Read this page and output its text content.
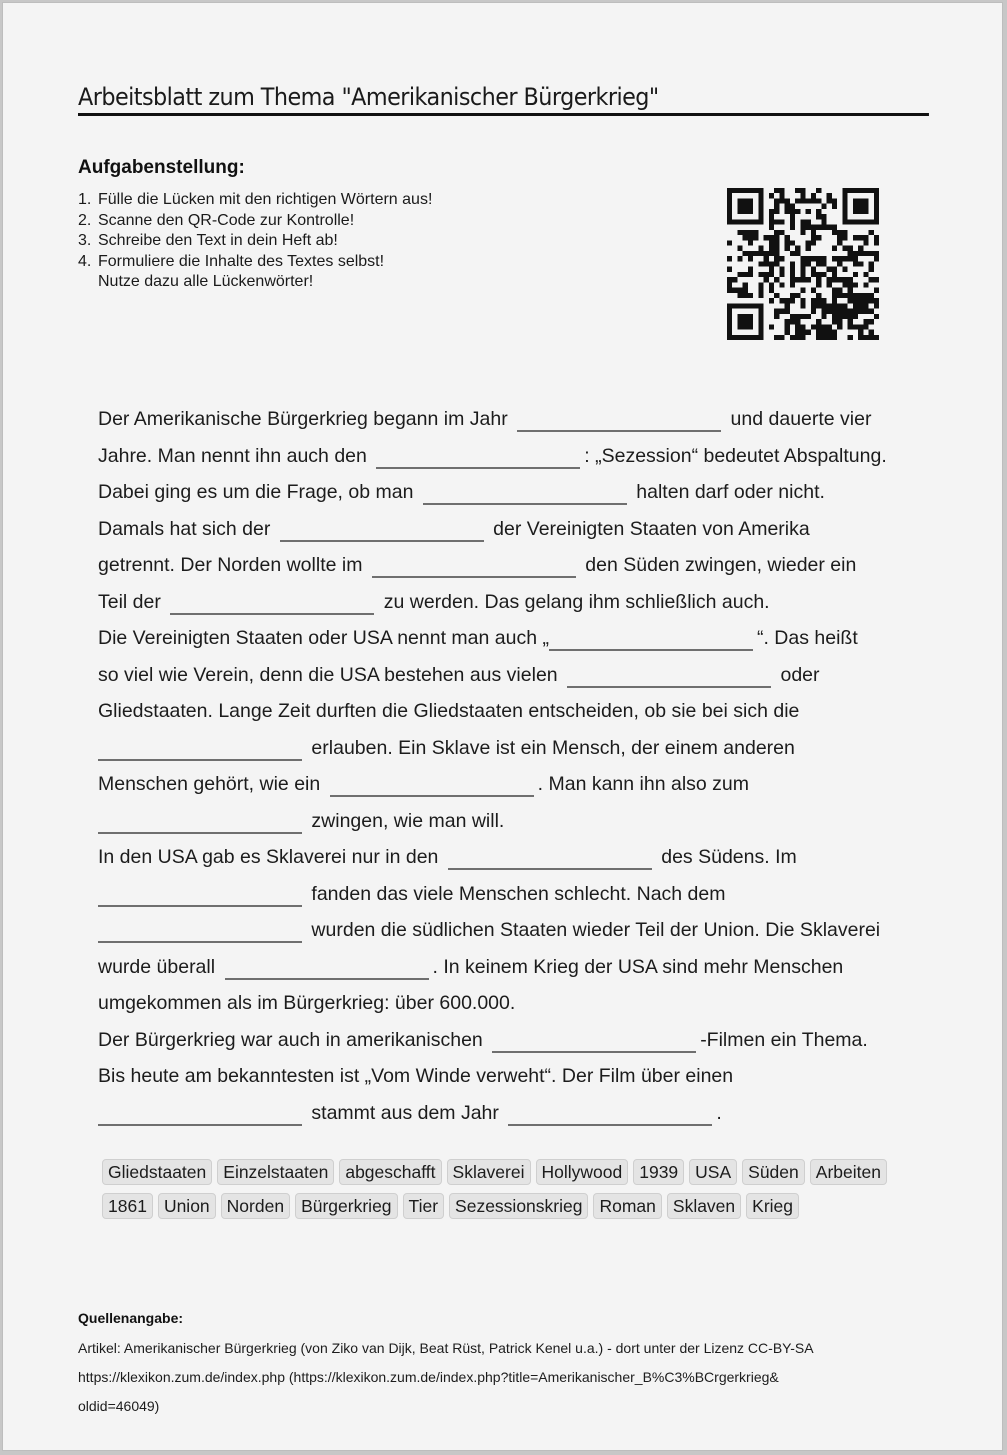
Arbeitsblatt zum Thema "Amerikanischer Bürgerkrieg"
Aufgabenstellung:
1. Fülle die Lücken mit den richtigen Wörtern aus!
2. Scanne den QR-Code zur Kontrolle!
3. Schreibe den Text in dein Heft ab!
4. Formuliere die Inhalte des Textes selbst!
Nutze dazu alle Lückenwörter!
Der Amerikanische Bürgerkrieg begann im Jahr	und dauerte vier
Jahre. Man nennt ihn auch den	: „Sezession“ bedeutet Abspaltung.
Dabei ging es um die Frage, ob man	halten darf oder nicht.
Damals hat sich der	der Vereinigten Staaten von Amerika
getrennt. Der Norden wollte im	den Süden zwingen, wieder ein
Teil der	zu werden. Das gelang ihm schließlich auch.
Die Vereinigten Staaten oder USA nennt man auch „	“. Das heißt
so viel wie Verein, denn die USA bestehen aus vielen	oder
Gliedstaaten. Lange Zeit durften die Gliedstaaten entscheiden, ob sie bei sich die
erlauben. Ein Sklave ist ein Mensch, der einem anderen
Menschen gehört, wie ein	. Man kann ihn also zum
zwingen, wie man will.
In den USA gab es Sklaverei nur in den	des Südens. Im
fanden das viele Menschen schlecht. Nach dem
wurden die südlichen Staaten wieder Teil der Union. Die Sklaverei
wurde überall	. In keinem Krieg der USA sind mehr Menschen
umgekommen als im Bürgerkrieg: über 600.000.
Der Bürgerkrieg war auch in amerikanischen	-Filmen ein Thema.
Bis heute am bekanntesten ist „Vom Winde verweht“. Der Film über einen
stammt aus dem Jahr	.
Gliedstaaten Einzelstaaten abgeschafft Sklaverei Hollywood 1939 USA Süden Arbeiten
1861 Union Norden Bürgerkrieg Tier Sezessionskrieg Roman Sklaven Krieg
Quellenangabe:
Artikel: Amerikanischer Bürgerkrieg (von Ziko van Dijk, Beat Rüst, Patrick Kenel u.a.) - dort unter der Lizenz CC-BY-SA
https://klexikon.zum.de/index.php (https://klexikon.zum.de/index.php?title=Amerikanischer_B%C3%BCrgerkrieg&
oldid=46049)
